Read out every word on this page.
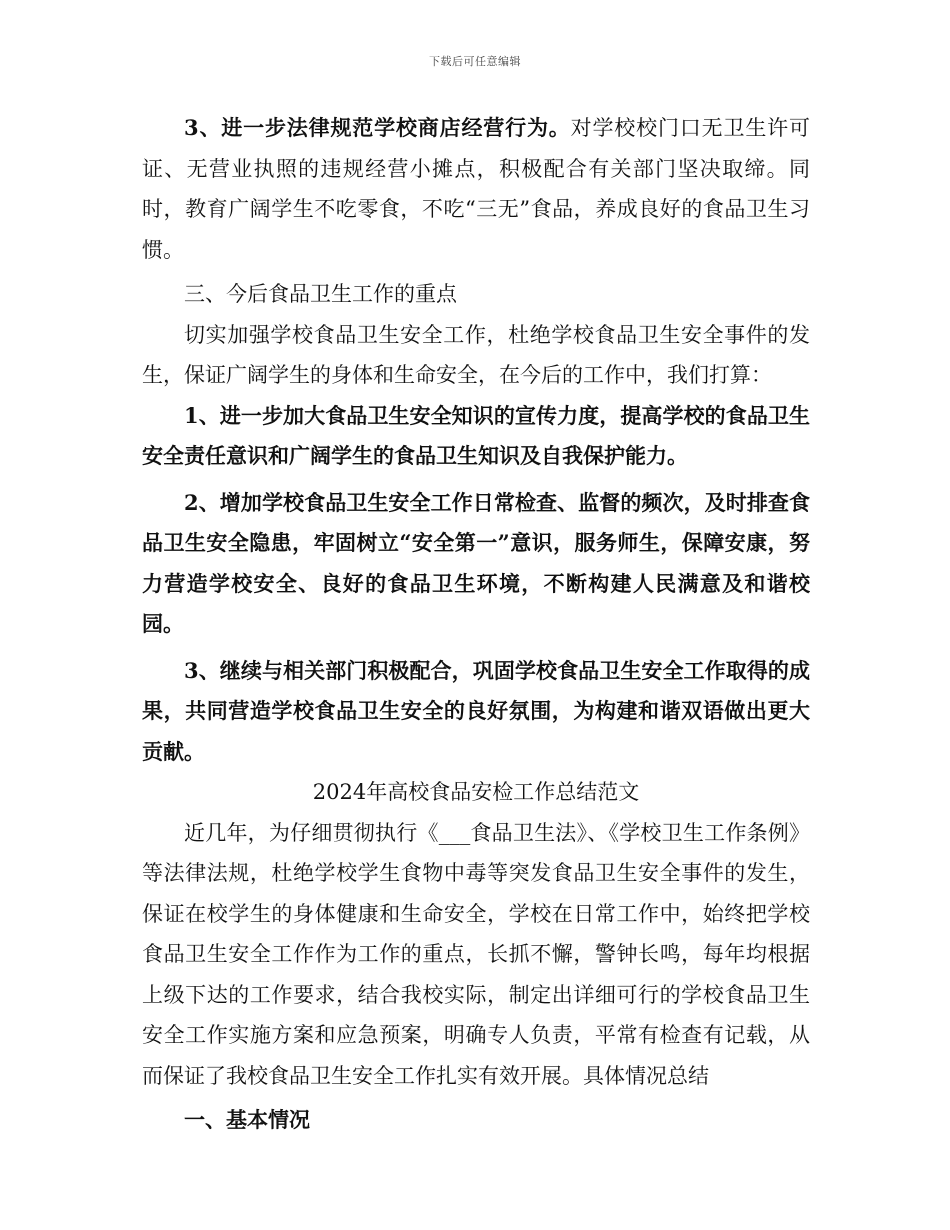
下载后可任意编辑

3、进一步法律规范学校商店经营行为。对学校校门口无卫生许可证、无营业执照的违规经营小摊点，积极配合有关部门坚决取缔。同时，教育广阔学生不吃零食，不吃“三无”食品，养成良好的食品卫生习惯。

三、今后食品卫生工作的重点

切实加强学校食品卫生安全工作，杜绝学校食品卫生安全事件的发生，保证广阔学生的身体和生命安全，在今后的工作中，我们打算：

1、进一步加大食品卫生安全知识的宣传力度，提高学校的食品卫生安全责任意识和广阔学生的食品卫生知识及自我保护能力。

2、增加学校食品卫生安全工作日常检查、监督的频次，及时排查食品卫生安全隐患，牢固树立“安全第一”意识，服务师生，保障安康，努力营造学校安全、良好的食品卫生环境，不断构建人民满意及和谐校园。

3、继续与相关部门积极配合，巩固学校食品卫生安全工作取得的成果，共同营造学校食品卫生安全的良好氛围，为构建和谐双语做出更大贡献。

2024年高校食品安检工作总结范文

近几年，为仔细贯彻执行《___食品卫生法》、《学校卫生工作条例》等法律法规，杜绝学校学生食物中毒等突发食品卫生安全事件的发生，保证在校学生的身体健康和生命安全，学校在日常工作中，始终把学校食品卫生安全工作作为工作的重点，长抓不懈，警钟长鸣，每年均根据上级下达的工作要求，结合我校实际，制定出详细可行的学校食品卫生安全工作实施方案和应急预案，明确专人负责，平常有检查有记载，从而保证了我校食品卫生安全工作扎实有效开展。具体情况总结

一、基本情况
